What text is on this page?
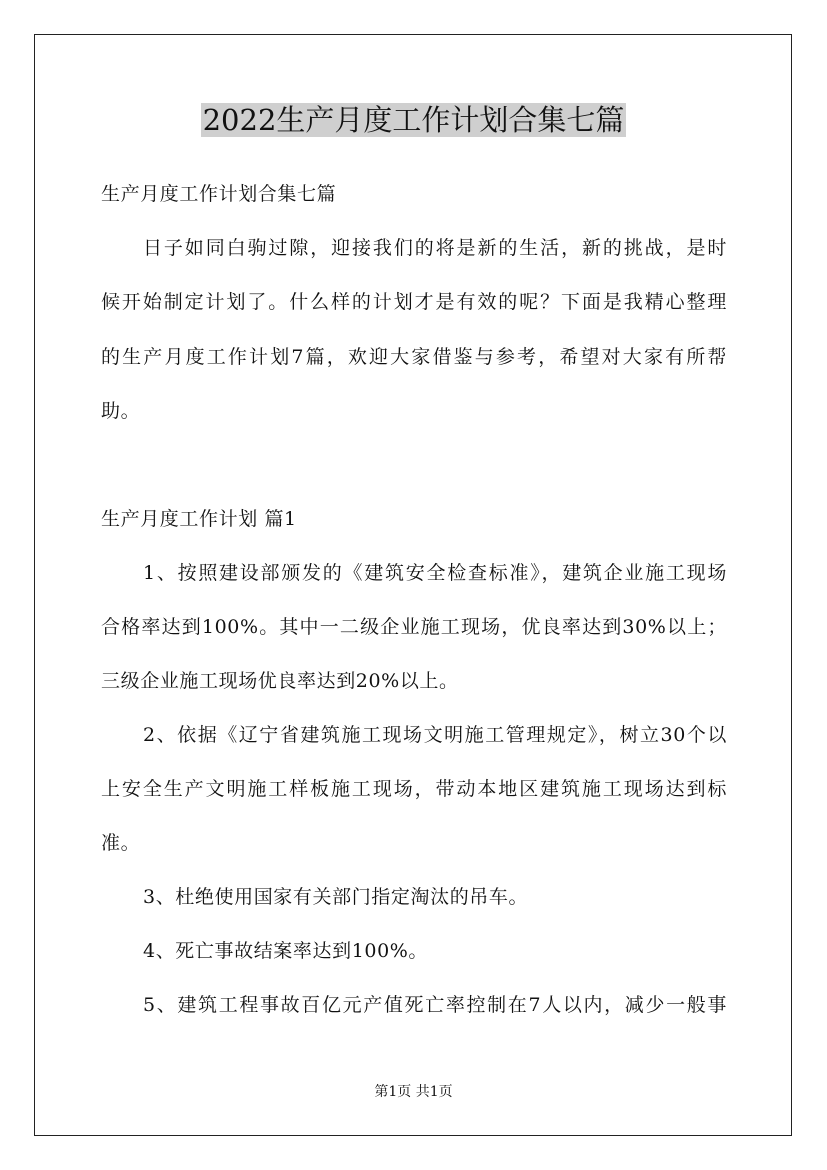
2022生产月度工作计划合集七篇
生产月度工作计划合集七篇
日子如同白驹过隙，迎接我们的将是新的生活，新的挑战，是时
候开始制定计划了。什么样的计划才是有效的呢？下面是我精心整理
的生产月度工作计划7篇，欢迎大家借鉴与参考，希望对大家有所帮
助。
生产月度工作计划 篇1
1、按照建设部颁发的《建筑安全检查标准》，建筑企业施工现场
合格率达到100%。其中一二级企业施工现场，优良率达到30%以上；
三级企业施工现场优良率达到20%以上。
2、依据《辽宁省建筑施工现场文明施工管理规定》，树立30个以
上安全生产文明施工样板施工现场，带动本地区建筑施工现场达到标
准。
3、杜绝使用国家有关部门指定淘汰的吊车。
4、死亡事故结案率达到100%。
5、建筑工程事故百亿元产值死亡率控制在7人以内，减少一般事
第1页 共1页
